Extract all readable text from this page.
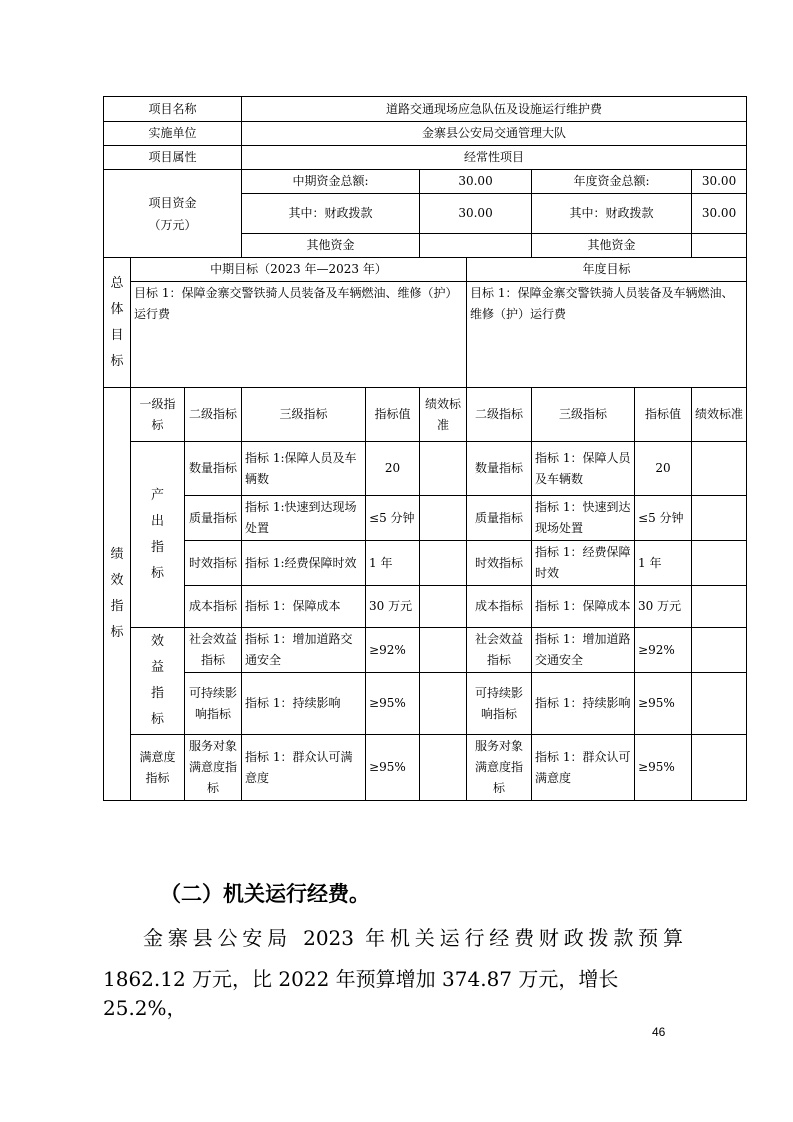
项目名称			道路交通现场应急队伍及设施运行维护费						
实施单位			金寨县公安局交通管理大队						
项目属性			经常性项目						
项目资金
（万元）			中期资金总额:		30.00		年度资金总额:		30.00
			其中：财政拨款		30.00		其中：财政拨款		30.00
			其他资金				其他资金		

总体目标	中期目标（2023 年—2023 年）					年度目标			
	目标 1：保障金寨交警铁骑人员装备及车辆燃油、维修（护）运行费					目标 1：保障金寨交警铁骑人员装备及车辆燃油、维修（护）运行费			

绩效指标	一级指标	二级指标	三级指标	指标值	绩效标准	二级指标	三级指标	指标值	绩效标准

	产出指标	数量指标	指标 1:保障人员及车辆数	20		数量指标	指标 1：保障人员及车辆数	20	
		质量指标	指标 1:快速到达现场处置	≤5 分钟		质量指标	指标 1：快速到达现场处置	≤5 分钟	
		时效指标	指标 1:经费保障时效	1 年		时效指标	指标 1：经费保障时效	1 年	
		成本指标	指标 1：保障成本	30 万元		成本指标	指标 1：保障成本	30 万元	

	效益指标	社会效益指标	指标 1：增加道路交通安全	≥92%		社会效益指标	指标 1：增加道路交通安全	≥92%	
		可持续影响指标	指标 1：持续影响	≥95%		可持续影响指标	指标 1：持续影响	≥95%	
	满意度指标	服务对象满意度指标	指标 1：群众认可满意度	≥95%		服务对象满意度指标	指标 1：群众认可满意度	≥95%	
（二）机关运行经费。
金寨县公安局 2023 年机关运行经费财政拨款预算
1862.12 万元，比 2022 年预算增加 374.87 万元，增长 25.2%，
46
